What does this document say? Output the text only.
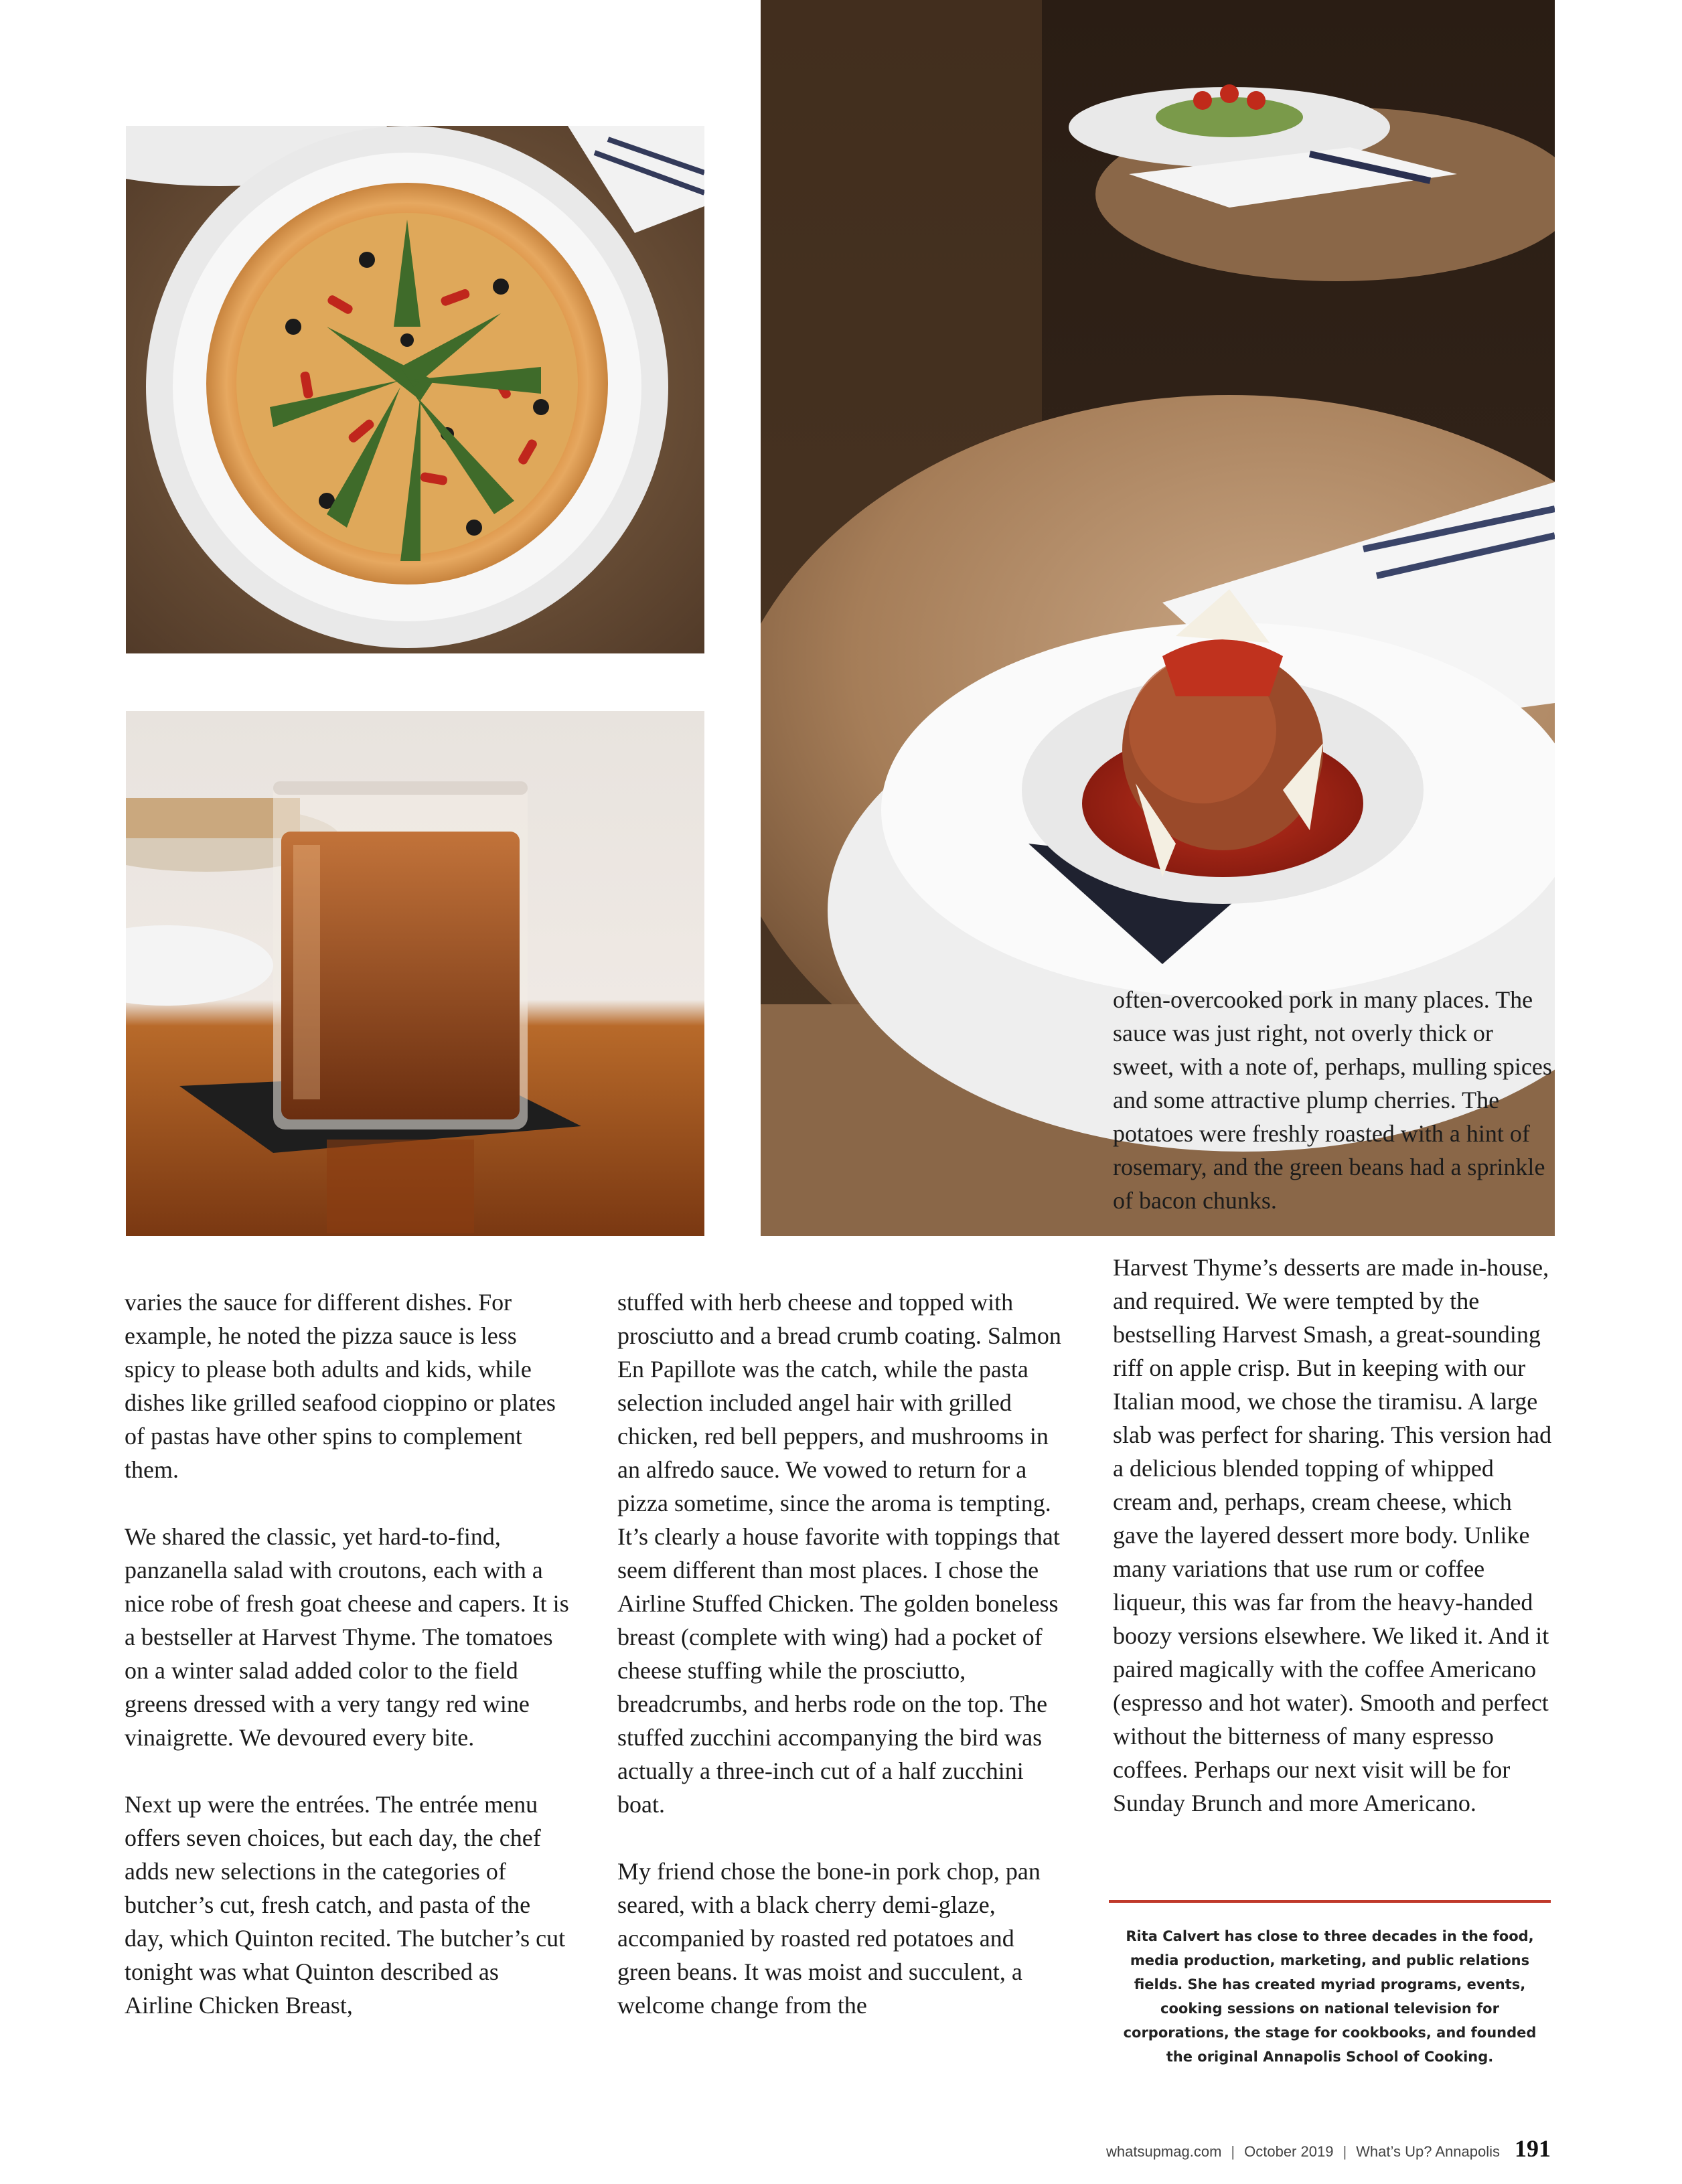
often-overcooked pork in many places. The sauce was just right, not overly thick or sweet, with a note of, perhaps, mulling spices and some attractive plump cherries. The potatoes were freshly roasted with a hint of rosemary, and the green beans had a sprinkle of bacon chunks.

Harvest Thyme’s desserts are made in-house, and required. We were tempted by the bestselling Harvest Smash, a great-sounding riff on apple crisp. But in keeping with our Italian mood, we chose the tiramisu. A large slab was perfect for sharing. This version had a delicious blended topping of whipped cream and, perhaps, cream cheese, which gave the layered dessert more body. Unlike many variations that use rum or coffee liqueur, this was far from the heavy-handed boozy versions elsewhere. We liked it. And it paired magically with the coffee Americano (espresso and hot water). Smooth and perfect without the bitterness of many espresso coffees. Perhaps our next visit will be for Sunday Brunch and more Americano.

varies the sauce for different dishes. For example, he noted the pizza sauce is less spicy to please both adults and kids, while dishes like grilled seafood cioppino or plates of pastas have other spins to complement them.

We shared the classic, yet hard-to-find, panzanella salad with croutons, each with a nice robe of fresh goat cheese and capers. It is a bestseller at Harvest Thyme. The tomatoes on a winter salad added color to the field greens dressed with a very tangy red wine vinaigrette. We devoured every bite.

Next up were the entrées. The entrée menu offers seven choices, but each day, the chef adds new selections in the categories of butcher’s cut, fresh catch, and pasta of the day, which Quinton recited. The butcher’s cut tonight was what Quinton described as Airline Chicken Breast,

stuffed with herb cheese and topped with prosciutto and a bread crumb coating. Salmon En Papillote was the catch, while the pasta selection included angel hair with grilled chicken, red bell peppers, and mushrooms in an alfredo sauce. We vowed to return for a pizza sometime, since the aroma is tempting. It’s clearly a house favorite with toppings that seem different than most places. I chose the Airline Stuffed Chicken. The golden boneless breast (complete with wing) had a pocket of cheese stuffing while the prosciutto, breadcrumbs, and herbs rode on the top. The stuffed zucchini accompanying the bird was actually a three-inch cut of a half zucchini boat.

My friend chose the bone-in pork chop, pan seared, with a black cherry demi-glaze, accompanied by roasted red potatoes and green beans. It was moist and succulent, a welcome change from the

Rita Calvert has close to three decades in the food, media production, marketing, and public relations fields. She has created myriad programs, events, cooking sessions on national television for corporations, the stage for cookbooks, and founded the original Annapolis School of Cooking.
whatsupmag.com | October 2019 | What’s Up? Annapolis 191
